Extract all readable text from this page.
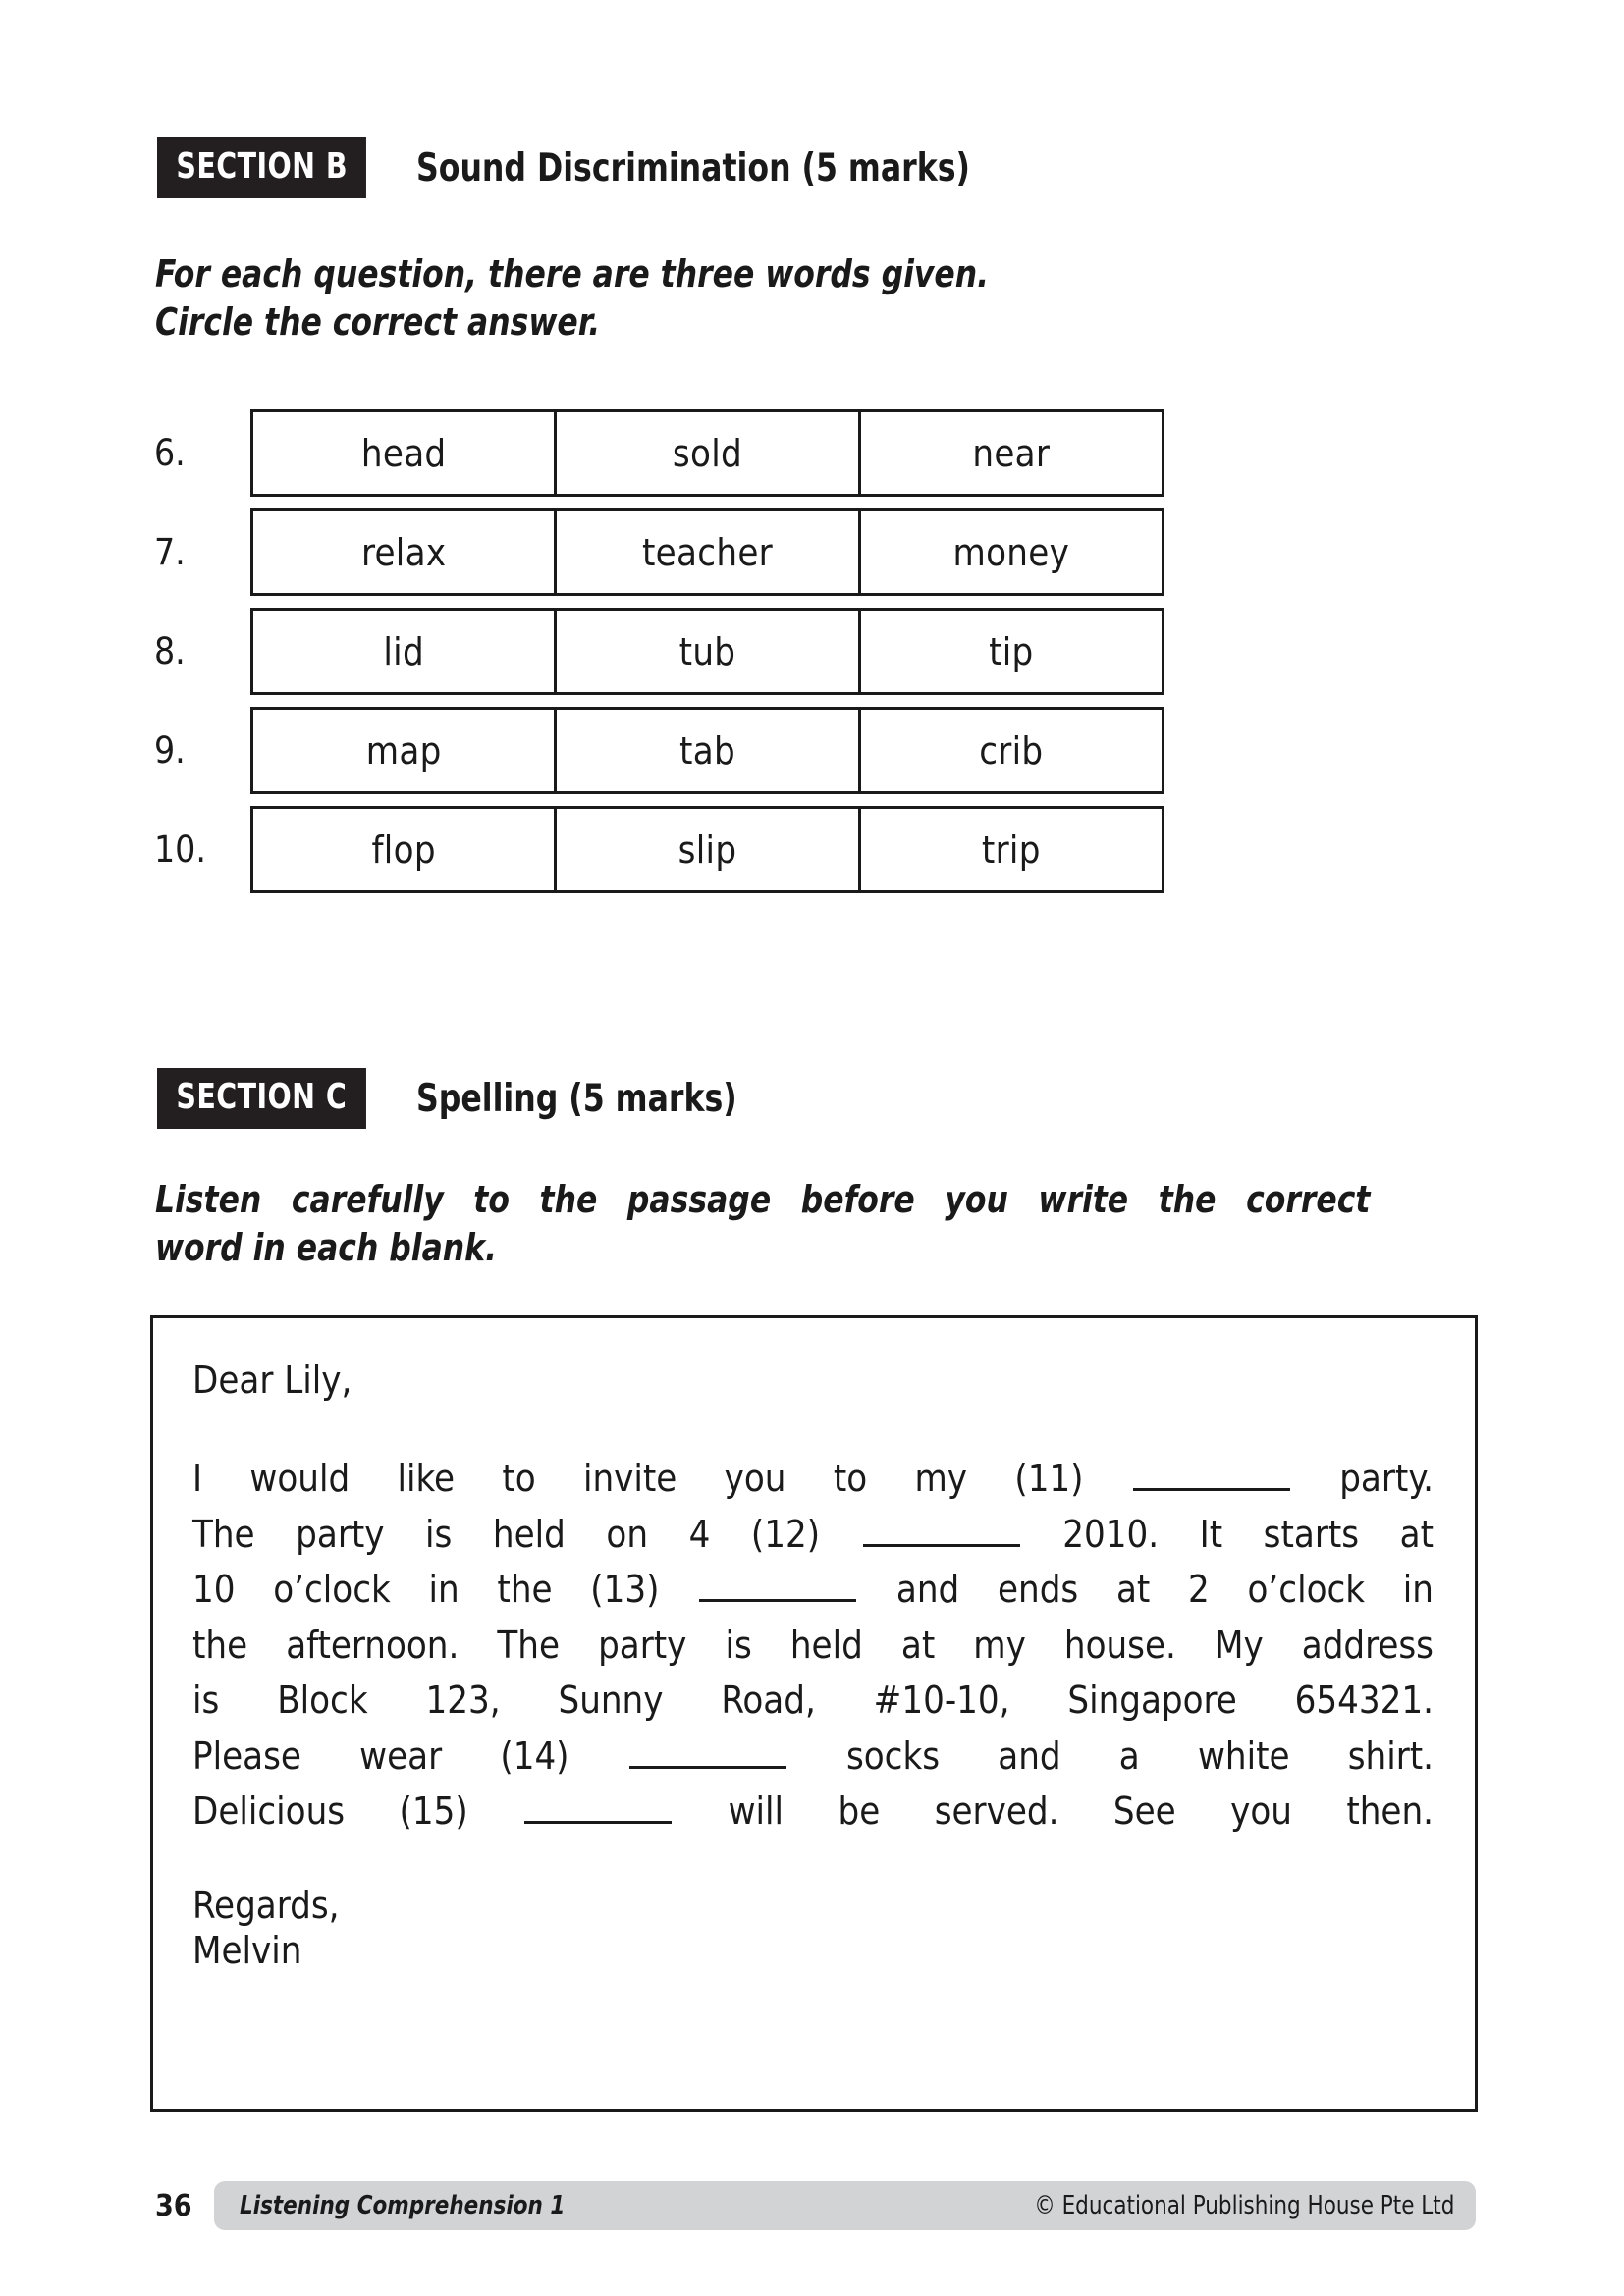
SECTION B	Sound Discrimination (5 marks)
For each question, there are three words given.
Circle the correct answer.
6.	head	sold	near
7.	relax	teacher	money
8.	lid	tub	tip
9.	map	tab	crib
10.	flop	slip	trip
SECTION C	Spelling (5 marks)
Listen carefully to the passage before you write the correct
word in each blank.
Dear Lily,
I would like to invite you to my (11)	party.
The party is held on 4 (12)	2010. It starts at
10 o’clock in the (13)	and ends at 2 o’clock in
the afternoon. The party is held at my house. My address
is Block 123, Sunny Road, #10-10, Singapore 654321.
Please wear (14)	socks and a white shirt.
Delicious (15)	will be served. See you then.
Regards,
Melvin
36	Listening Comprehension 1	© Educational Publishing House Pte Ltd
